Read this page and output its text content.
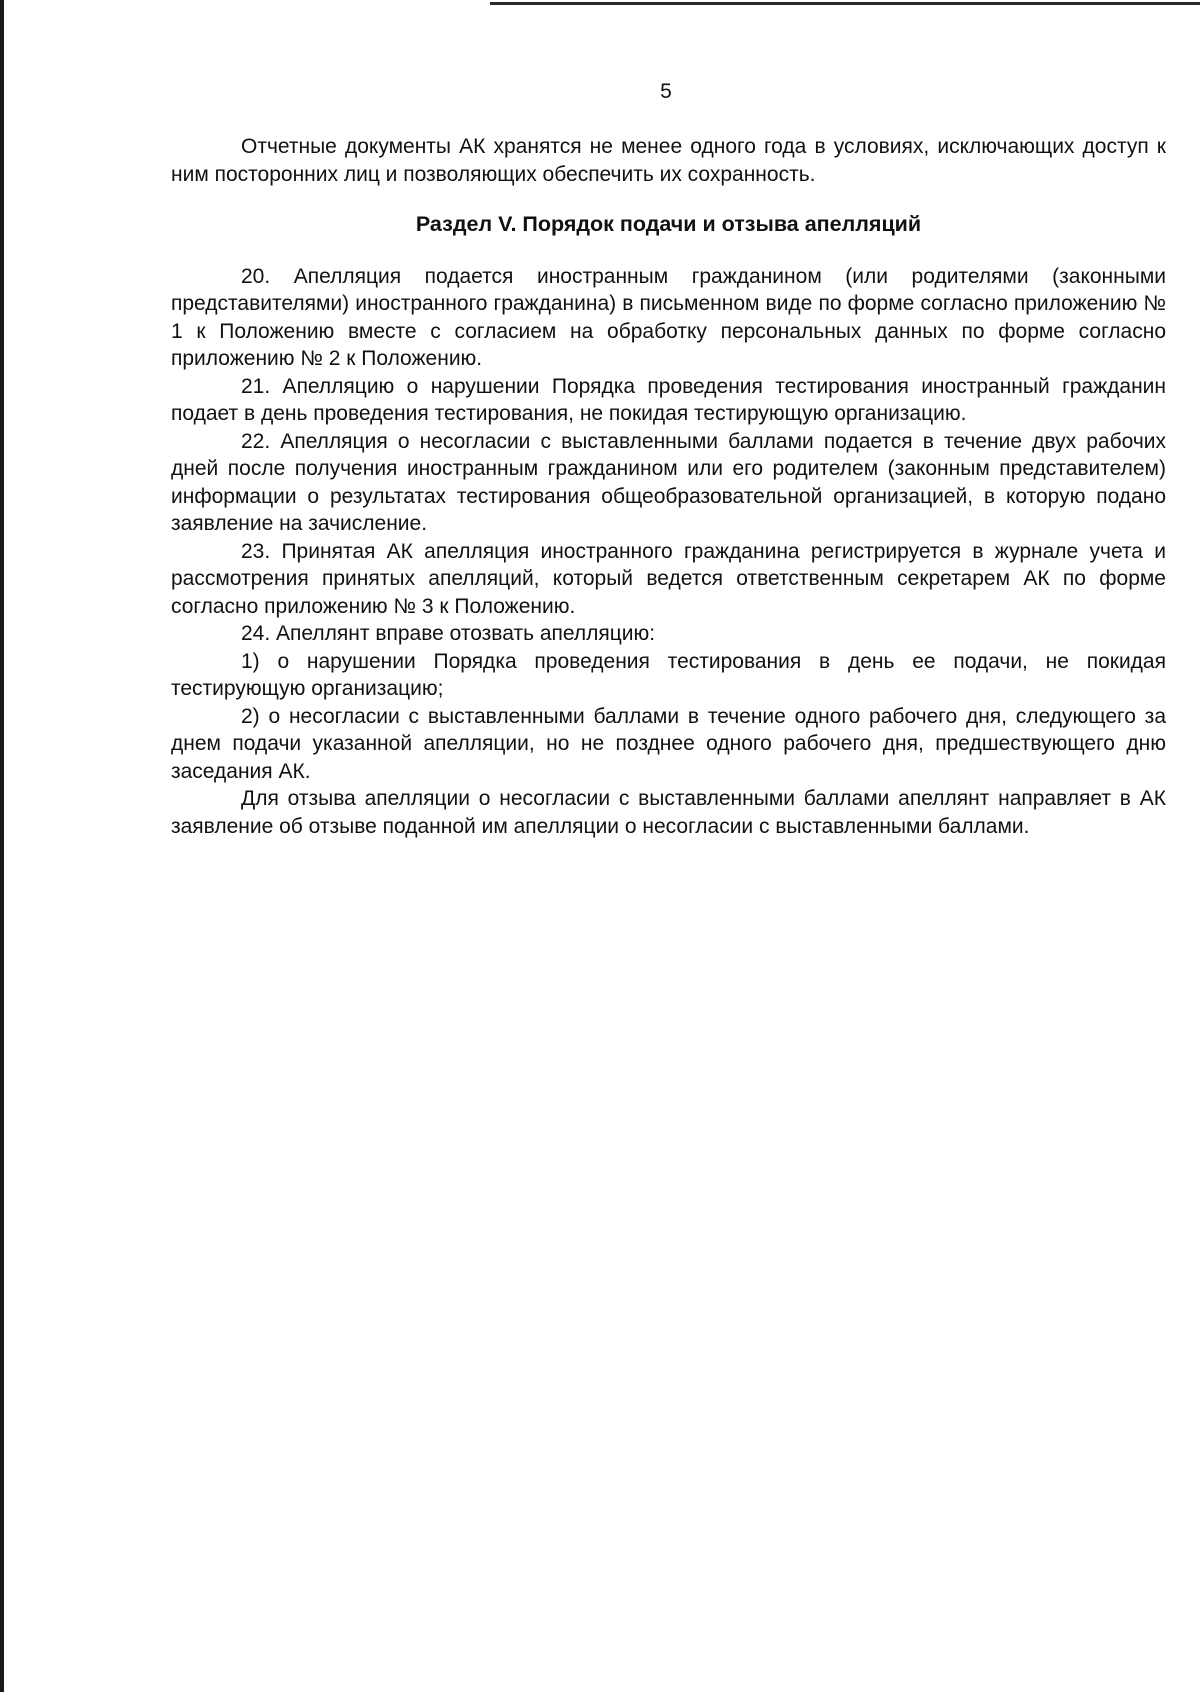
5

Отчетные документы АК хранятся не менее одного года в условиях, исключающих доступ к ним посторонних лиц и позволяющих обеспечить их сохранность.

Раздел V. Порядок подачи и отзыва апелляций

20. Апелляция подается иностранным гражданином (или родителями (законными представителями) иностранного гражданина) в письменном виде по форме согласно приложению № 1 к Положению вместе с согласием на обработку персональных данных по форме согласно приложению № 2 к Положению.

21. Апелляцию о нарушении Порядка проведения тестирования иностранный гражданин подает в день проведения тестирования, не покидая тестирующую организацию.

22. Апелляция о несогласии с выставленными баллами подается в течение двух рабочих дней после получения иностранным гражданином или его родителем (законным представителем) информации о результатах тестирования общеобразовательной организацией, в которую подано заявление на зачисление.

23. Принятая АК апелляция иностранного гражданина регистрируется в журнале учета и рассмотрения принятых апелляций, который ведется ответственным секретарем АК по форме согласно приложению № 3 к Положению.

24. Апеллянт вправе отозвать апелляцию:

1) о нарушении Порядка проведения тестирования в день ее подачи, не покидая тестирующую организацию;

2) о несогласии с выставленными баллами в течение одного рабочего дня, следующего за днем подачи указанной апелляции, но не позднее одного рабочего дня, предшествующего дню заседания АК.

Для отзыва апелляции о несогласии с выставленными баллами апеллянт направляет в АК заявление об отзыве поданной им апелляции о несогласии с выставленными баллами.
